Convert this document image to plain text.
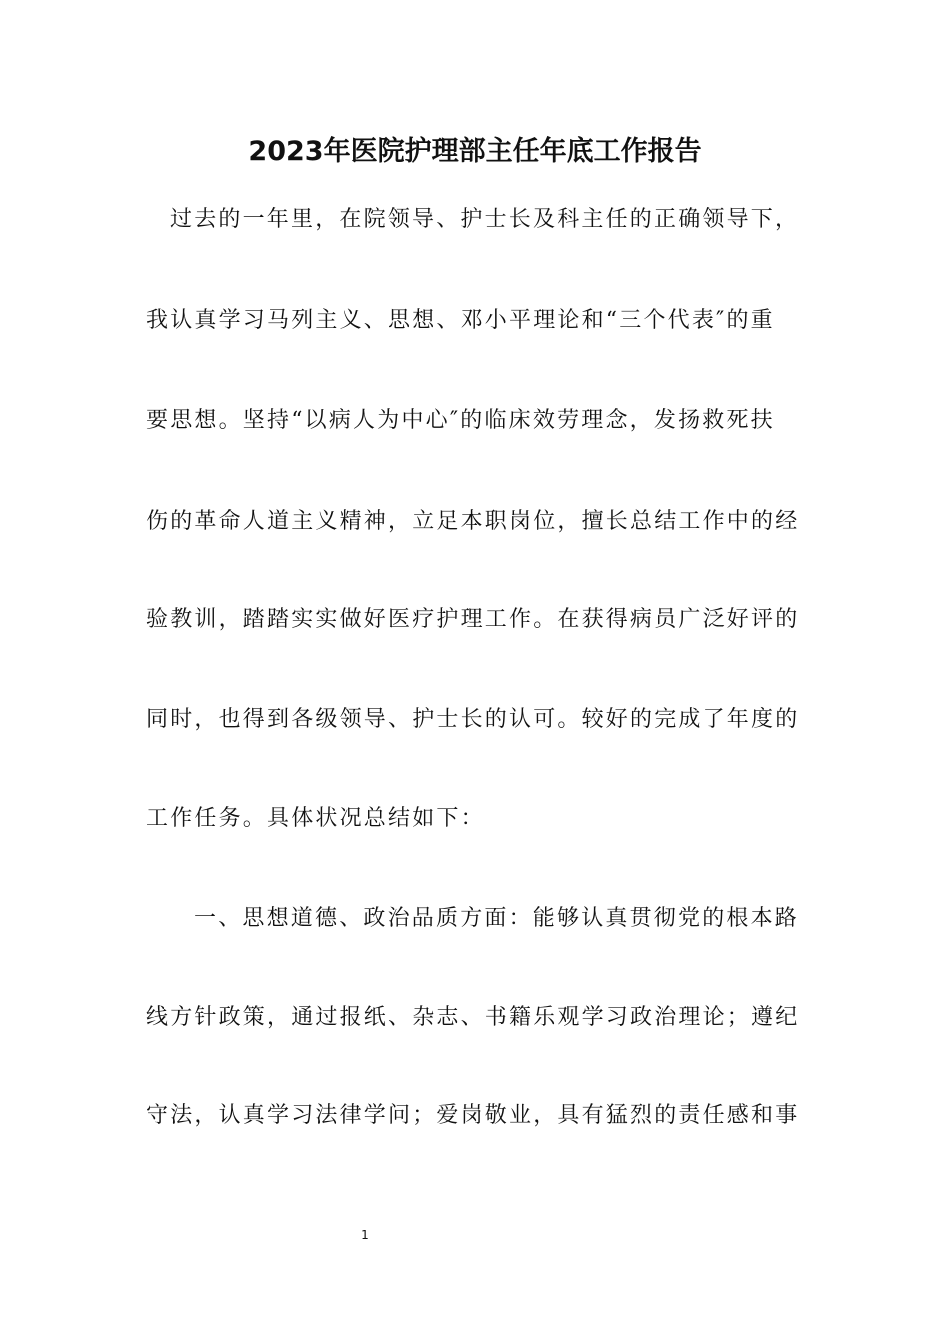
2023年医院护理部主任年底工作报告
过去的一年里，在院领导、护士长及科主任的正确领导下，
我认真学习马列主义、思想、邓小平理论和“三个代表″的重
要思想。坚持“以病人为中心″的临床效劳理念，发扬救死扶
伤的革命人道主义精神，立足本职岗位，擅长总结工作中的经
验教训，踏踏实实做好医疗护理工作。在获得病员广泛好评的
同时，也得到各级领导、护士长的认可。较好的完成了年度的
工作任务。具体状况总结如下：
一、思想道德、政治品质方面：能够认真贯彻党的根本路
线方针政策，通过报纸、杂志、书籍乐观学习政治理论；遵纪
守法，认真学习法律学问；爱岗敬业，具有猛烈的责任感和事
1
